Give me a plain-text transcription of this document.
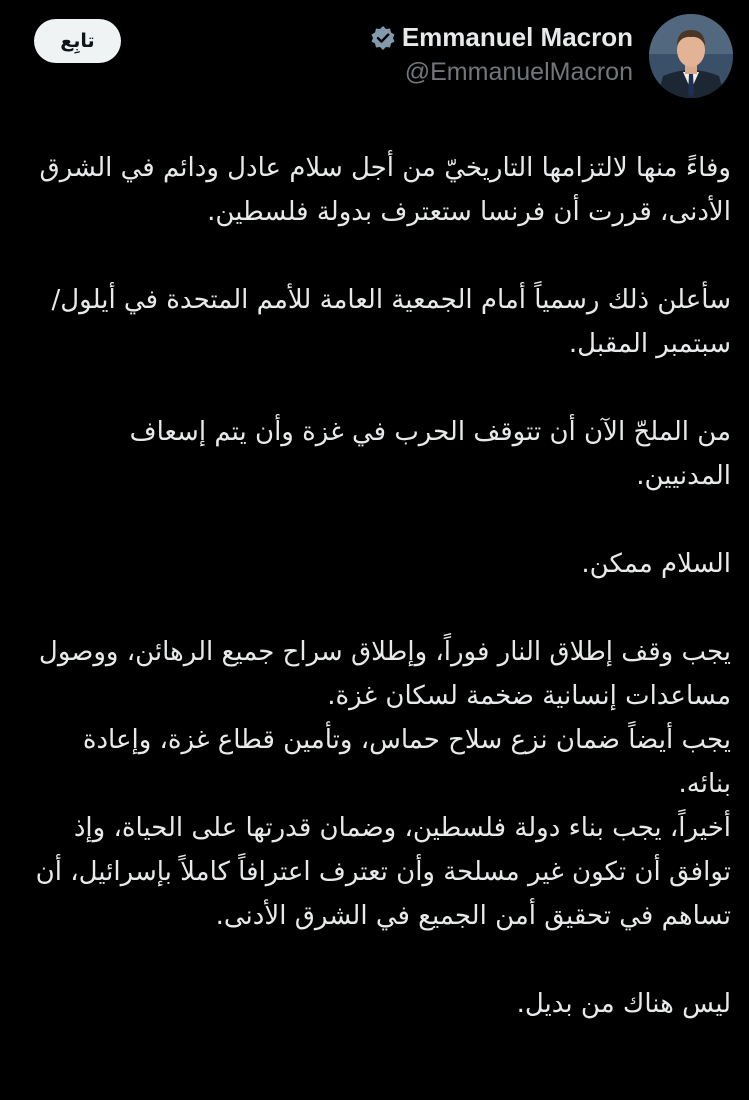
Emmanuel Macron
@EmmanuelMacron
تابِع

وفاءً منها لالتزامها التاريخيّ من أجل سلام عادل ودائم في الشرق الأدنى، قررت أن فرنسا ستعترف بدولة فلسطين.

سأعلن ذلك رسمياً أمام الجمعية العامة للأمم المتحدة في أيلول/سبتمبر المقبل.

من الملحّ الآن أن تتوقف الحرب في غزة وأن يتم إسعاف المدنيين.

السلام ممكن.

يجب وقف إطلاق النار فوراً، وإطلاق سراح جميع الرهائن، ووصول مساعدات إنسانية ضخمة لسكان غزة.

يجب أيضاً ضمان نزع سلاح حماس، وتأمين قطاع غزة، وإعادة بنائه.

أخيراً، يجب بناء دولة فلسطين، وضمان قدرتها على الحياة، وإذ توافق أن تكون غير مسلحة وأن تعترف اعترافاً كاملاً بإسرائيل، أن تساهم في تحقيق أمن الجميع في الشرق الأدنى.

ليس هناك من بديل.
